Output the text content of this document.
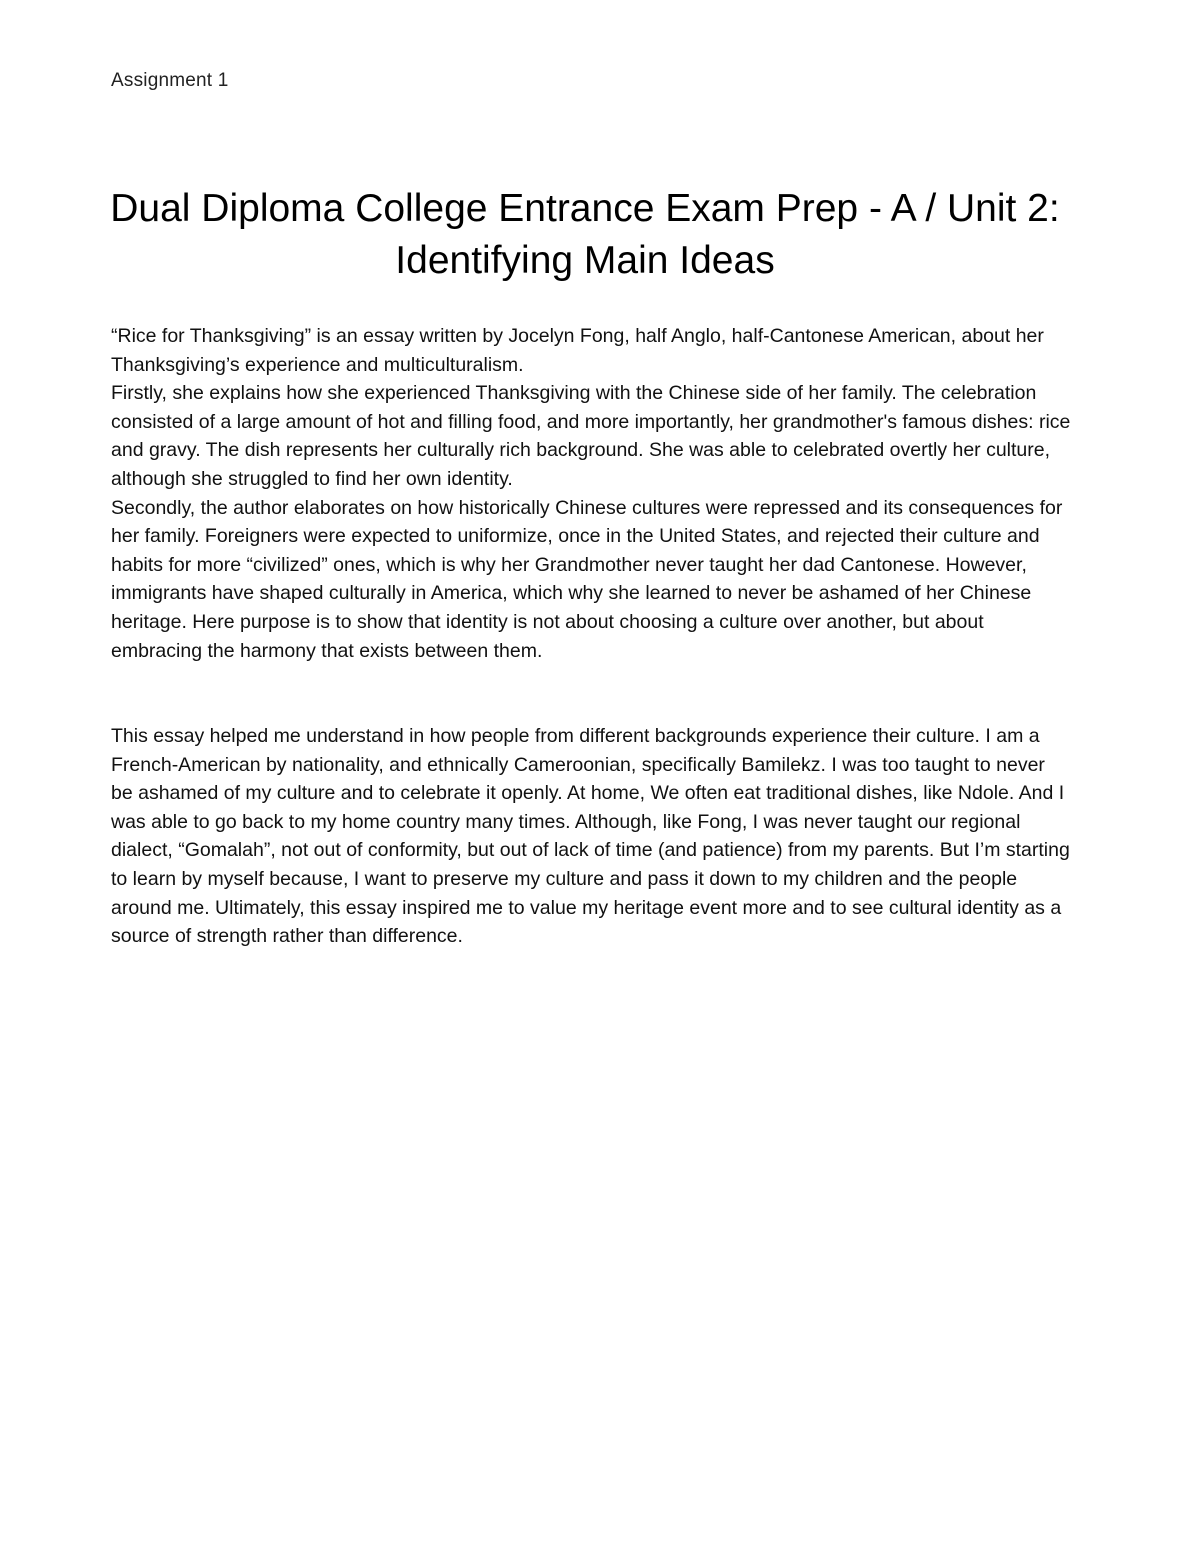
Assignment 1
Dual Diploma College Entrance Exam Prep - A / Unit 2: Identifying Main Ideas

“Rice for Thanksgiving” is an essay written by Jocelyn Fong, half Anglo, half-Cantonese American, about her Thanksgiving’s experience and multiculturalism.

Firstly, she explains how she experienced Thanksgiving with the Chinese side of her family. The celebration consisted of a large amount of hot and filling food, and more importantly, her grandmother's famous dishes: rice and gravy. The dish represents her culturally rich background. She was able to celebrated overtly her culture, although she struggled to find her own identity.

Secondly, the author elaborates on how historically Chinese cultures were repressed and its consequences for her family. Foreigners were expected to uniformize, once in the United States, and rejected their culture and habits for more “civilized” ones, which is why her Grandmother never taught her dad Cantonese. However, immigrants have shaped culturally in America, which why she learned to never be ashamed of her Chinese heritage. Here purpose is to show that identity is not about choosing a culture over another, but about embracing the harmony that exists between them.

This essay helped me understand in how people from different backgrounds experience their culture. I am a French-American by nationality, and ethnically Cameroonian, specifically Bamilekz. I was too taught to never be ashamed of my culture and to celebrate it openly. At home, We often eat traditional dishes, like Ndole. And I was able to go back to my home country many times. Although, like Fong, I was never taught our regional dialect, “Gomalah”, not out of conformity, but out of lack of time (and patience) from my parents. But I’m starting to learn by myself because, I want to preserve my culture and pass it down to my children and the people around me. Ultimately, this essay inspired me to value my heritage event more and to see cultural identity as a source of strength rather than difference.
